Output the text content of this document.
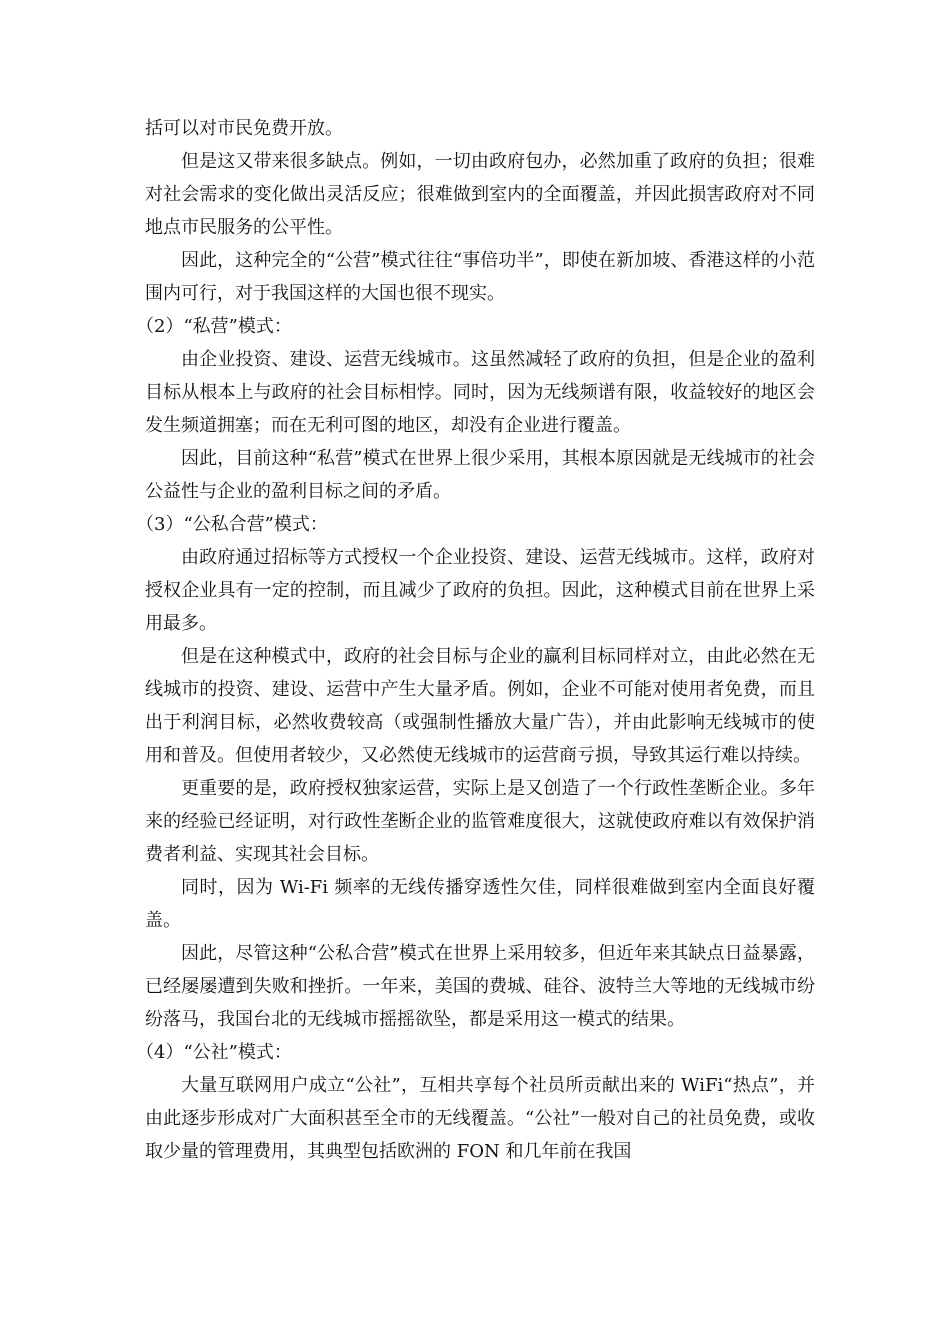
括可以对市民免费开放。

但是这又带来很多缺点。例如，一切由政府包办，必然加重了政府的负担；很难对社会需求的变化做出灵活反应；很难做到室内的全面覆盖，并因此损害政府对不同地点市民服务的公平性。

因此，这种完全的“公营”模式往往“事倍功半”，即使在新加坡、香港这样的小范围内可行，对于我国这样的大国也很不现实。

（2）“私营”模式：

由企业投资、建设、运营无线城市。这虽然减轻了政府的负担，但是企业的盈利目标从根本上与政府的社会目标相悖。同时，因为无线频谱有限，收益较好的地区会发生频道拥塞；而在无利可图的地区，却没有企业进行覆盖。

因此，目前这种“私营”模式在世界上很少采用，其根本原因就是无线城市的社会公益性与企业的盈利目标之间的矛盾。

（3）“公私合营”模式：

由政府通过招标等方式授权一个企业投资、建设、运营无线城市。这样，政府对授权企业具有一定的控制，而且减少了政府的负担。因此，这种模式目前在世界上采用最多。

但是在这种模式中，政府的社会目标与企业的赢利目标同样对立，由此必然在无线城市的投资、建设、运营中产生大量矛盾。例如，企业不可能对使用者免费，而且出于利润目标，必然收费较高（或强制性播放大量广告），并由此影响无线城市的使用和普及。但使用者较少，又必然使无线城市的运营商亏损，导致其运行难以持续。

更重要的是，政府授权独家运营，实际上是又创造了一个行政性垄断企业。多年来的经验已经证明，对行政性垄断企业的监管难度很大，这就使政府难以有效保护消费者利益、实现其社会目标。

同时，因为 Wi-Fi 频率的无线传播穿透性欠佳，同样很难做到室内全面良好覆盖。

因此，尽管这种“公私合营”模式在世界上采用较多，但近年来其缺点日益暴露，已经屡屡遭到失败和挫折。一年来，美国的费城、硅谷、波特兰大等地的无线城市纷纷落马，我国台北的无线城市摇摇欲坠，都是采用这一模式的结果。

（4）“公社”模式：

大量互联网用户成立“公社”，互相共享每个社员所贡献出来的 WiFi“热点”，并由此逐步形成对广大面积甚至全市的无线覆盖。“公社”一般对自己的社员免费，或收取少量的管理费用，其典型包括欧洲的 FON 和几年前在我国
